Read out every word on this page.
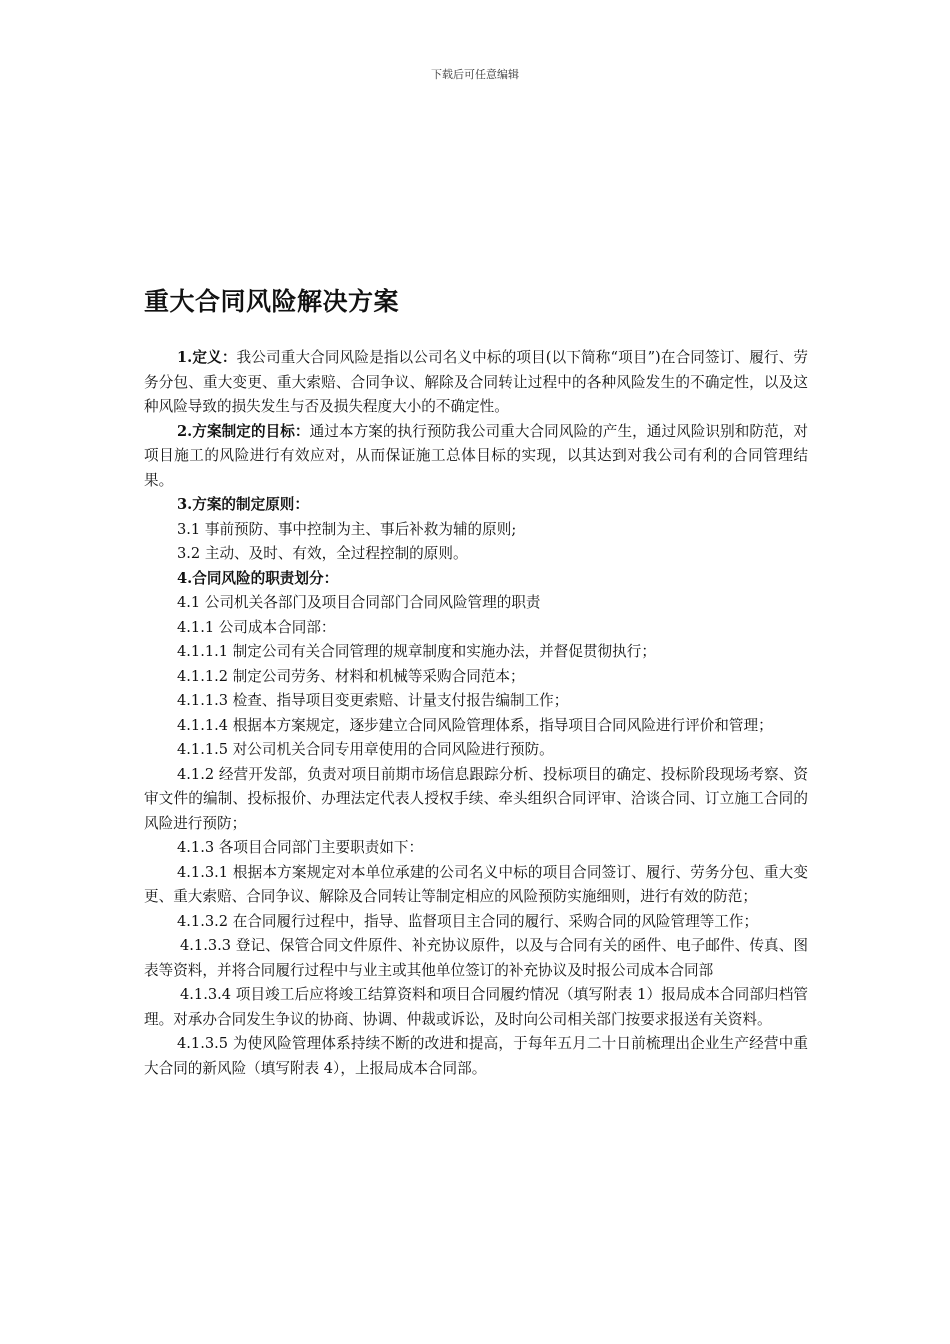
下载后可任意编辑
重大合同风险解决方案

1.定义：我公司重大合同风险是指以公司名义中标的项目(以下简称“项目”)在合同签订、履行、劳务分包、重大变更、重大索赔、合同争议、解除及合同转让过程中的各种风险发生的不确定性，以及这种风险导致的损失发生与否及损失程度大小的不确定性。

2.方案制定的目标：通过本方案的执行预防我公司重大合同风险的产生，通过风险识别和防范，对项目施工的风险进行有效应对，从而保证施工总体目标的实现，以其达到对我公司有利的合同管理结果。

3.方案的制定原则：

3.1 事前预防、事中控制为主、事后补救为辅的原则;

3.2 主动、及时、有效，全过程控制的原则。

4.合同风险的职责划分：

4.1 公司机关各部门及项目合同部门合同风险管理的职责

4.1.1 公司成本合同部：

4.1.1.1 制定公司有关合同管理的规章制度和实施办法，并督促贯彻执行；

4.1.1.2 制定公司劳务、材料和机械等采购合同范本；

4.1.1.3 检查、指导项目变更索赔、计量支付报告编制工作；

4.1.1.4 根据本方案规定，逐步建立合同风险管理体系，指导项目合同风险进行评价和管理；

4.1.1.5 对公司机关合同专用章使用的合同风险进行预防。

4.1.2 经营开发部，负责对项目前期市场信息跟踪分析、投标项目的确定、投标阶段现场考察、资审文件的编制、投标报价、办理法定代表人授权手续、牵头组织合同评审、洽谈合同、订立施工合同的风险进行预防；

4.1.3 各项目合同部门主要职责如下：

4.1.3.1 根据本方案规定对本单位承建的公司名义中标的项目合同签订、履行、劳务分包、重大变更、重大索赔、合同争议、解除及合同转让等制定相应的风险预防实施细则，进行有效的防范；

4.1.3.2 在合同履行过程中，指导、监督项目主合同的履行、采购合同的风险管理等工作；

4.1.3.3 登记、保管合同文件原件、补充协议原件，以及与合同有关的函件、电子邮件、传真、图表等资料，并将合同履行过程中与业主或其他单位签订的补充协议及时报公司成本合同部

4.1.3.4 项目竣工后应将竣工结算资料和项目合同履约情况（填写附表 1）报局成本合同部归档管理。对承办合同发生争议的协商、协调、仲裁或诉讼，及时向公司相关部门按要求报送有关资料。

4.1.3.5 为使风险管理体系持续不断的改进和提高，于每年五月二十日前梳理出企业生产经营中重大合同的新风险（填写附表 4），上报局成本合同部。
